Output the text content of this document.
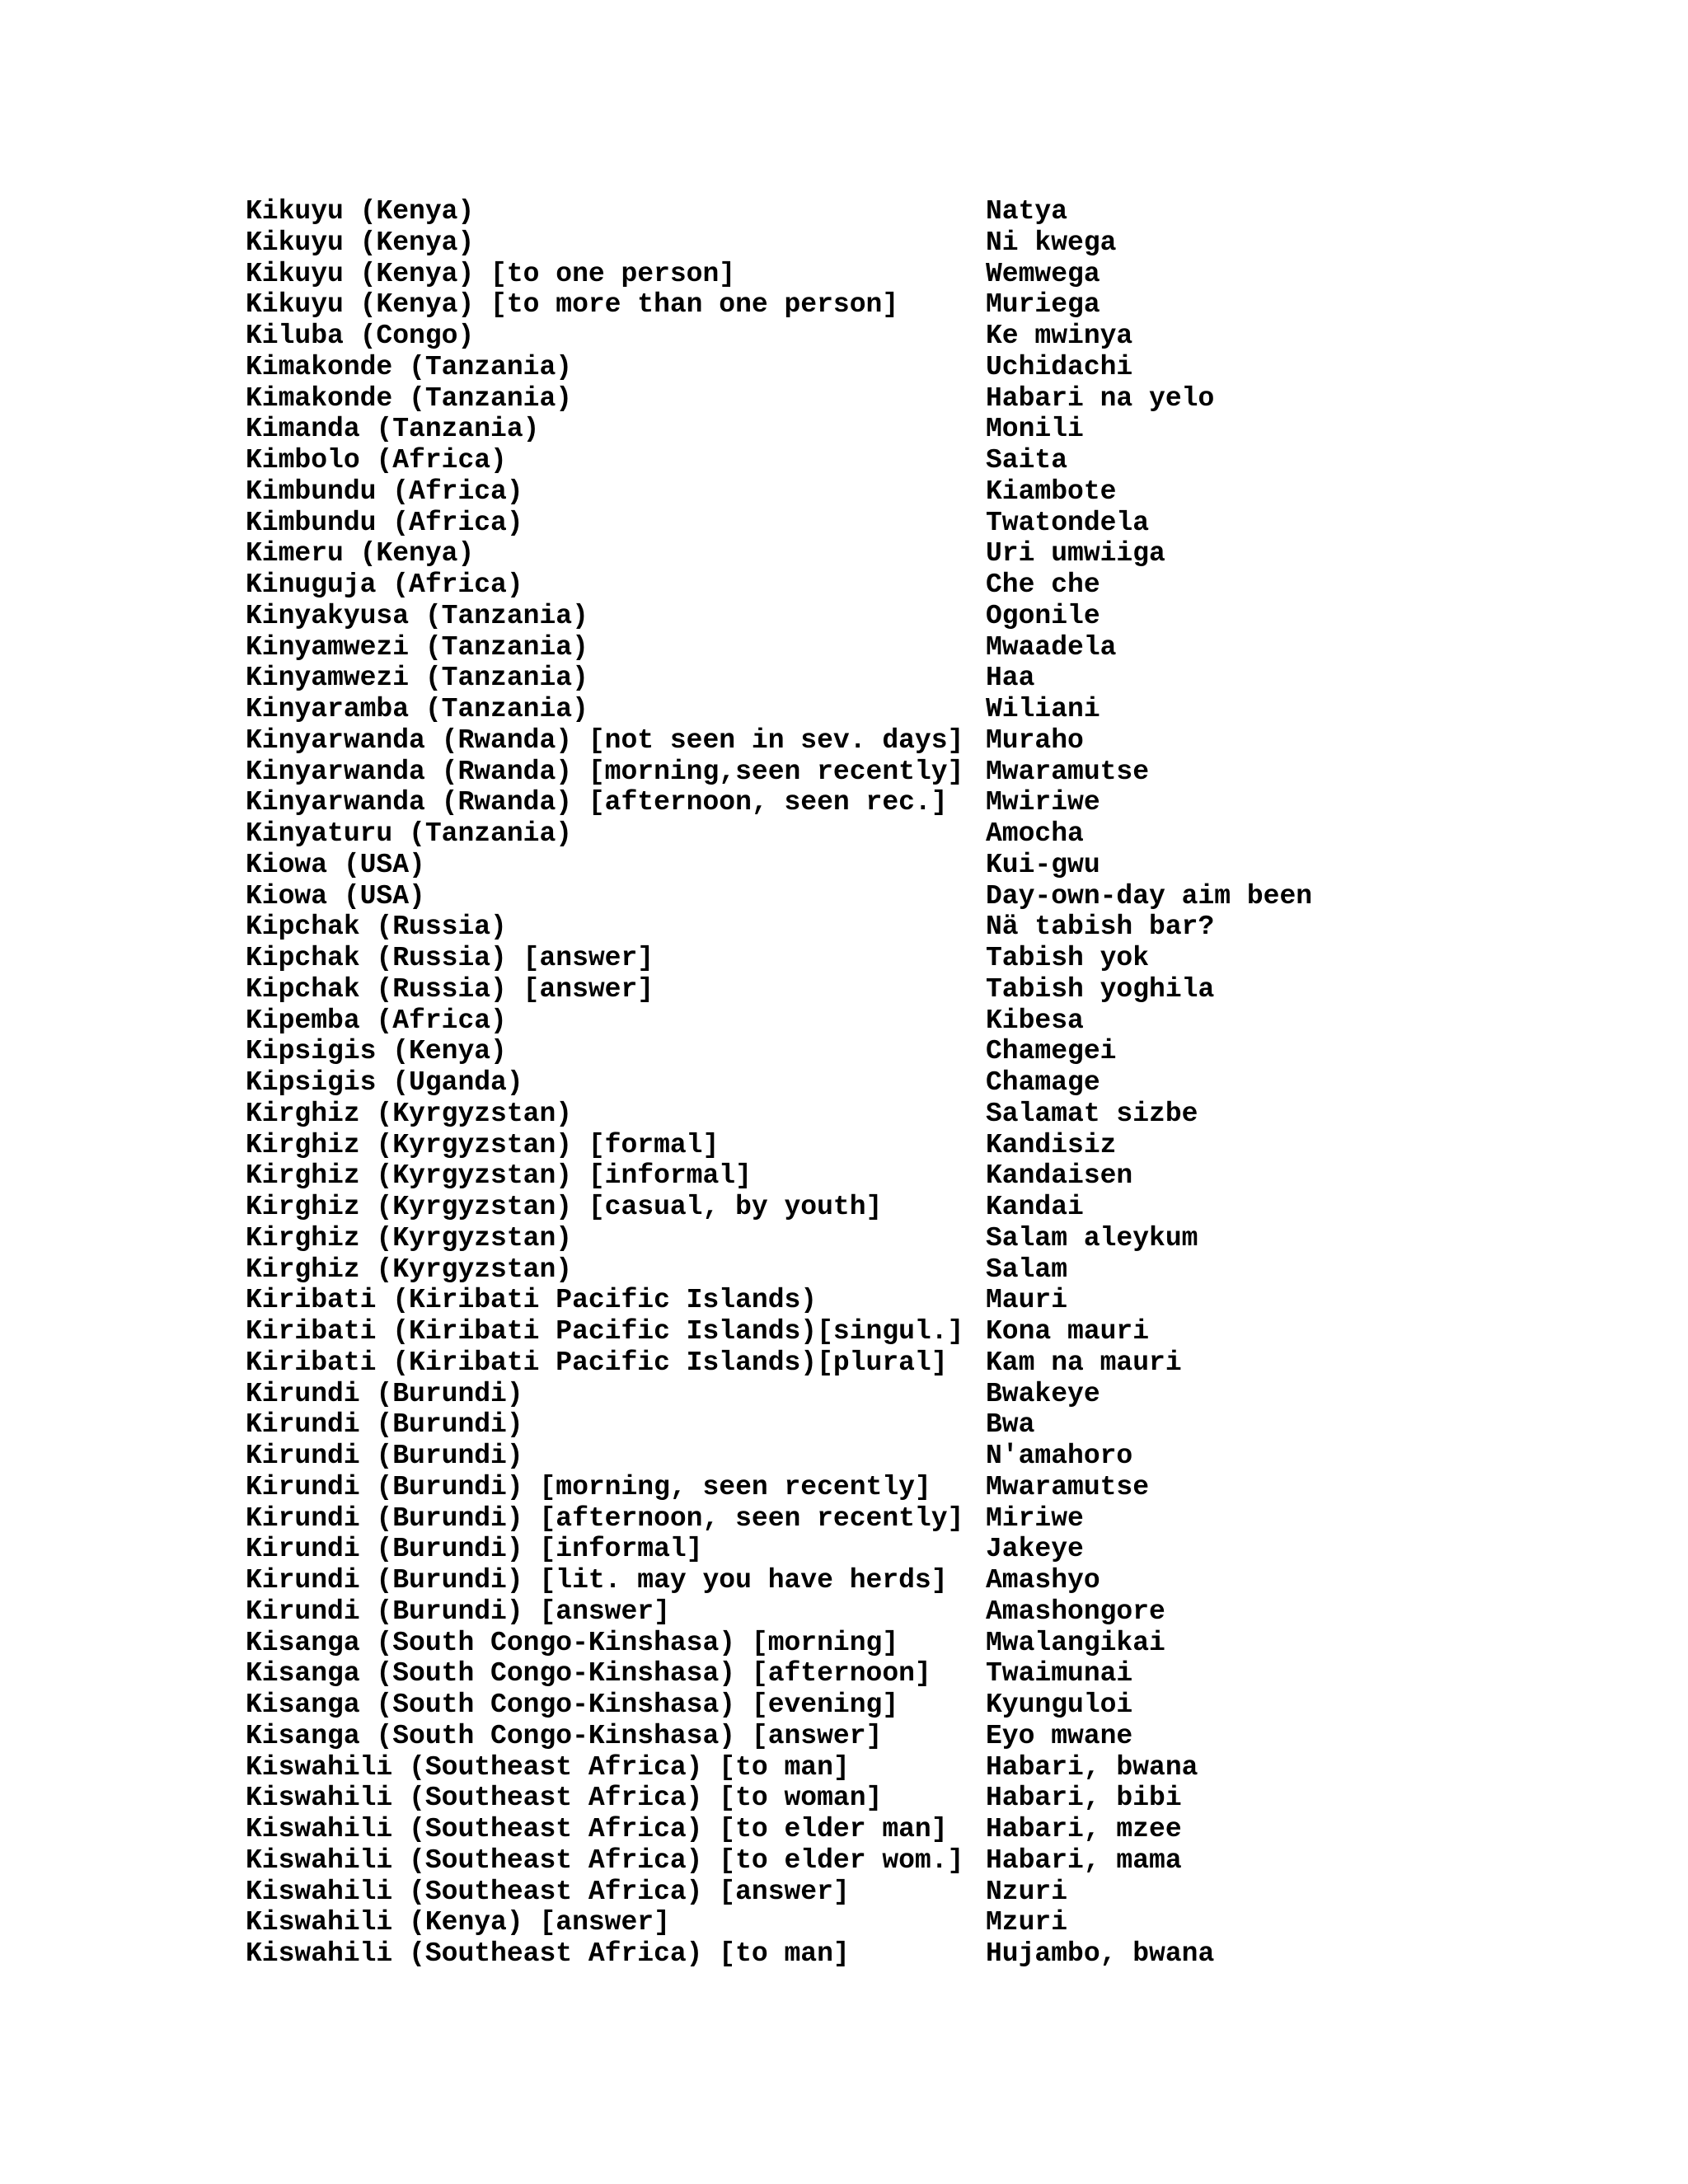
Kikuyu (Kenya)

	Natya

Kikuyu (Kenya)

	Ni kwega

Kikuyu (Kenya) [to one person]

	Wemwega

Kikuyu (Kenya) [to more than one person]

	Muriega

Kiluba (Congo)

	Ke mwinya

Kimakonde (Tanzania)

	Uchidachi

Kimakonde (Tanzania)

	Habari na yelo

Kimanda (Tanzania)

	Monili

Kimbolo (Africa)

	Saita

Kimbundu (Africa)

	Kiambote

Kimbundu (Africa)

	Twatondela

Kimeru (Kenya)

	Uri umwiiga

Kinuguja (Africa)

	Che che

Kinyakyusa (Tanzania)

	Ogonile

Kinyamwezi (Tanzania)

	Mwaadela

Kinyamwezi (Tanzania)

	Haa

Kinyaramba (Tanzania)

	Wiliani

Kinyarwanda (Rwanda) [not seen in sev. days]

Muraho

Kinyarwanda (Rwanda) [morning,seen recently]

Mwaramutse

Kinyarwanda (Rwanda) [afternoon, seen rec.]

Mwiriwe

Kinyaturu (Tanzania)

	Amocha

Kiowa (USA)

	Kui-gwu

Kiowa (USA)

	Day-own-day aim been

Kipchak (Russia)

	Nä tabish bar?

Kipchak (Russia) [answer]

	Tabish yok

Kipchak (Russia) [answer]

	Tabish yoghila

Kipemba (Africa)

	Kibesa

Kipsigis (Kenya)

	Chamegei

Kipsigis (Uganda)

	Chamage

Kirghiz (Kyrgyzstan)

	Salamat sizbe

Kirghiz (Kyrgyzstan) [formal]

	Kandisiz

Kirghiz (Kyrgyzstan) [informal]

	Kandaisen

Kirghiz (Kyrgyzstan) [casual, by youth]

	Kandai

Kirghiz (Kyrgyzstan)

	Salam aleykum

Kirghiz (Kyrgyzstan)

	Salam

Kiribati (Kiribati Pacific Islands)

	Mauri

Kiribati (Kiribati Pacific Islands)[singul.]

Kona mauri

Kiribati (Kiribati Pacific Islands)[plural]

Kam na mauri

Kirundi (Burundi)

	Bwakeye

Kirundi (Burundi)

	Bwa

Kirundi (Burundi)

	N'amahoro

Kirundi (Burundi) [morning, seen recently]

Mwaramutse

Kirundi (Burundi) [afternoon, seen recently]

Miriwe

Kirundi (Burundi) [informal]

	Jakeye

Kirundi (Burundi) [lit. may you have herds]

Amashyo

Kirundi (Burundi) [answer]

	Amashongore

Kisanga (South Congo-Kinshasa) [morning]

	Mwalangikai

Kisanga (South Congo-Kinshasa) [afternoon]

Twaimunai

Kisanga (South Congo-Kinshasa) [evening]

	Kyunguloi

Kisanga (South Congo-Kinshasa) [answer]

	Eyo mwane

Kiswahili (Southeast Africa) [to man]

	Habari, bwana

Kiswahili (Southeast Africa) [to woman]

	Habari, bibi

Kiswahili (Southeast Africa) [to elder man]

Habari, mzee

Kiswahili (Southeast Africa) [to elder wom.]

Habari, mama

Kiswahili (Southeast Africa) [answer]

	Nzuri

Kiswahili (Kenya) [answer]

	Mzuri

Kiswahili (Southeast Africa) [to man]

	Hujambo, bwana
